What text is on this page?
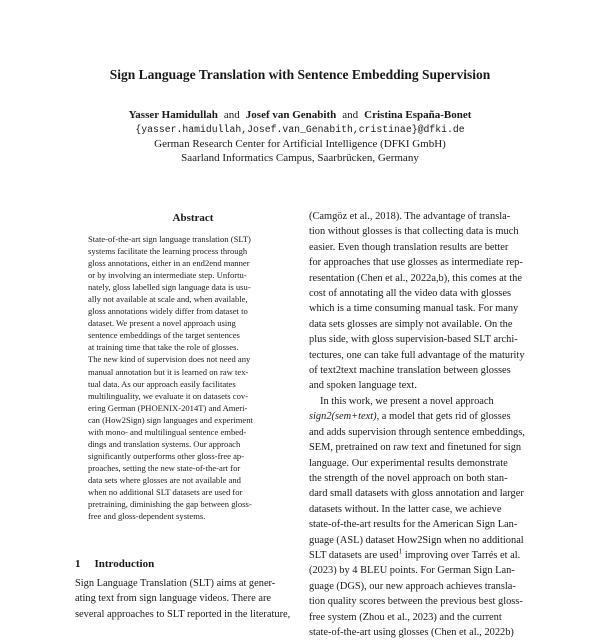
Sign Language Translation with Sentence Embedding Supervision
Yasser Hamidullah and Josef van Genabith and Cristina España-Bonet
{yasser.hamidullah,Josef.van_Genabith,cristinae}@dfki.de
German Research Center for Artificial Intelligence (DFKI GmbH)
Saarland Informatics Campus, Saarbrücken, Germany
Abstract
State-of-the-art sign language translation (SLT)
systems facilitate the learning process through
gloss annotations, either in an end2end manner
or by involving an intermediate step. Unfortu-
nately, gloss labelled sign language data is usu-
ally not available at scale and, when available,
gloss annotations widely differ from dataset to
dataset. We present a novel approach using
sentence embeddings of the target sentences
at training time that take the role of glosses.
The new kind of supervision does not need any
manual annotation but it is learned on raw tex-
tual data. As our approach easily facilitates
multilinguality, we evaluate it on datasets cov-
ering German (PHOENIX-2014T) and Ameri-
can (How2Sign) sign languages and experiment
with mono- and multilingual sentence embed-
dings and translation systems. Our approach
significantly outperforms other gloss-free ap-
proaches, setting the new state-of-the-art for
data sets where glosses are not available and
when no additional SLT datasets are used for
pretraining, diminishing the gap between gloss-
free and gloss-dependent systems.
1 Introduction
Sign Language Translation (SLT) aims at gener-
ating text from sign language videos. There are
several approaches to SLT reported in the literature,
(Camgöz et al., 2018). The advantage of transla-
tion without glosses is that collecting data is much
easier. Even though translation results are better
for approaches that use glosses as intermediate rep-
resentation (Chen et al., 2022a,b), this comes at the
cost of annotating all the video data with glosses
which is a time consuming manual task. For many
data sets glosses are simply not available. On the
plus side, with gloss supervision-based SLT archi-
tectures, one can take full advantage of the maturity
of text2text machine translation between glosses
and spoken language text.
In this work, we present a novel approach
sign2(sem+text), a model that gets rid of glosses
and adds supervision through sentence embeddings,
SEM, pretrained on raw text and finetuned for sign
language. Our experimental results demonstrate
the strength of the novel approach on both stan-
dard small datasets with gloss annotation and larger
datasets without. In the latter case, we achieve
state-of-the-art results for the American Sign Lan-
guage (ASL) dataset How2Sign when no additional
SLT datasets are used$^1$ improving over Tarrés et al.
(2023) by 4 BLEU points. For German Sign Lan-
guage (DGS), our new approach achieves transla-
tion quality scores between the previous best gloss-
free system (Zhou et al., 2023) and the current
state-of-the-art using glosses (Chen et al., 2022b)
